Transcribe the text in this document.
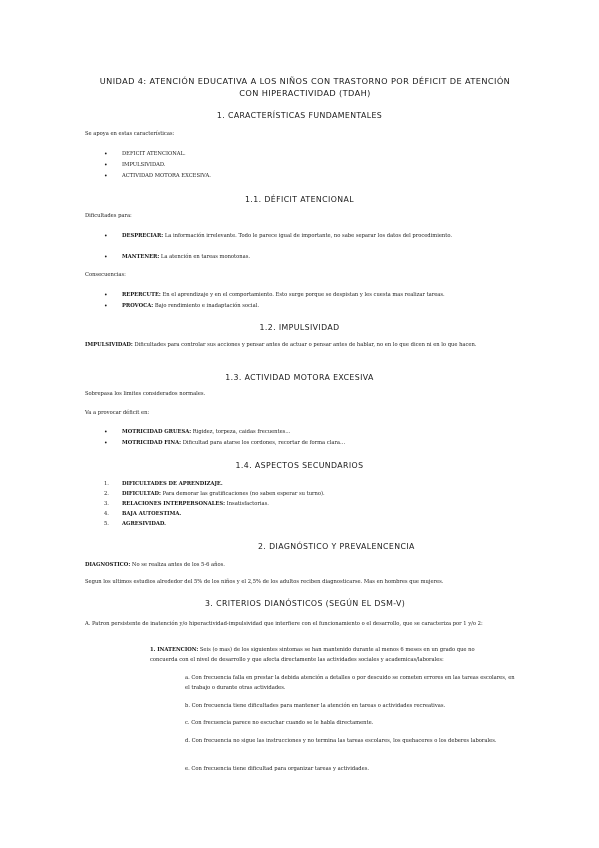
UNIDAD 4: ATENCIÓN EDUCATIVA A LOS NIÑOS CON TRASTORNO POR DÉFICIT DE ATENCIÓN CON HIPERACTIVIDAD (TDAH)
1. CARACTERÍSTICAS FUNDAMENTALES
Se apoya en estas características:
• DEFICIT ATENCIONAL.
• IMPULSIVIDAD.
• ACTIVIDAD MOTORA EXCESIVA.
1.1. DÉFICIT ATENCIONAL
Dificultades para:
• DESPRECIAR: La información irrelevante. Todo le parece igual de importante, no sabe separar los datos del procedimiento.
• MANTENER: La atención en tareas monotonas.
Consecuencias:
• REPERCUTE: En el aprendizaje y en el comportamiento. Esto surge porque se despistan y les cuesta mas realizar tareas.
• PROVOCA: Bajo rendimiento e inadaptación social.
1.2. IMPULSIVIDAD
IMPULSIVIDAD: Dificultades para controlar sus acciones y pensar antes de actuar o pensar antes de hablar, no en lo que dicen ni en lo que hacen.
1.3. ACTIVIDAD MOTORA EXCESIVA
Sobrepasa los limites considerados normales.
Va a provocar déficit en:
• MOTRICIDAD GRUESA: Rigidez, torpeza, caidas frecuentes…
• MOTRICIDAD FINA: Dificultad para atarse los cordones, recortar de forma clara…
1.4. ASPECTOS SECUNDARIOS
1.	DIFICULTADES DE APRENDIZAJE.
2.	DIFICULTAD: Para demorar las gratificaciones (no saben esperar su turno).
3.	RELACIONES INTERPERSONALES: Insatisfactorias.
4.	BAJA AUTOESTIMA.
5.	AGRESIVIDAD.
2. DIAGNÓSTICO Y PREVALENCENCIA
DIAGNOSTICO: No se realiza antes de los 5-6 años.
Segun los ultimos estudios alrededor del 5% de los niños y el 2,5% de los adultos reciben diagnosticarse. Mas en hombres que mujeres.
3. CRITERIOS DIANÓSTICOS (SEGÚN EL DSM-V)
A. Patron persistente de inatención y/o hiperactividad-impulsividad que interfiere con el funcionamiento o el desarrollo, que se caracteriza por 1 y/o 2:
1. INATENCION: Seis (o mas) de los siguientes sintomas se han mantenido durante al menos 6 meses en un grado que no concuerda con el nivel de desarrollo y que afecta directamente las actividades sociales y academicas/laborales:
a. Con frecuencia falla en prestar la debida atención a detalles o por descuido se cometen errores en las tareas escolares, en el trabajo o durante otras actividades.
b. Con frecuencia tiene dificultades para mantener la atención en tareas o actividades recreativas.
c. Con frecuencia parece no escuchar cuando se le habla directamente.
d. Con frecuencia no sigue las instrucciones y no termina las tareas escolares, los quehaceres o los deberes laborales.
e. Con frecuencia tiene dificultad para organizar tareas y actividades.
